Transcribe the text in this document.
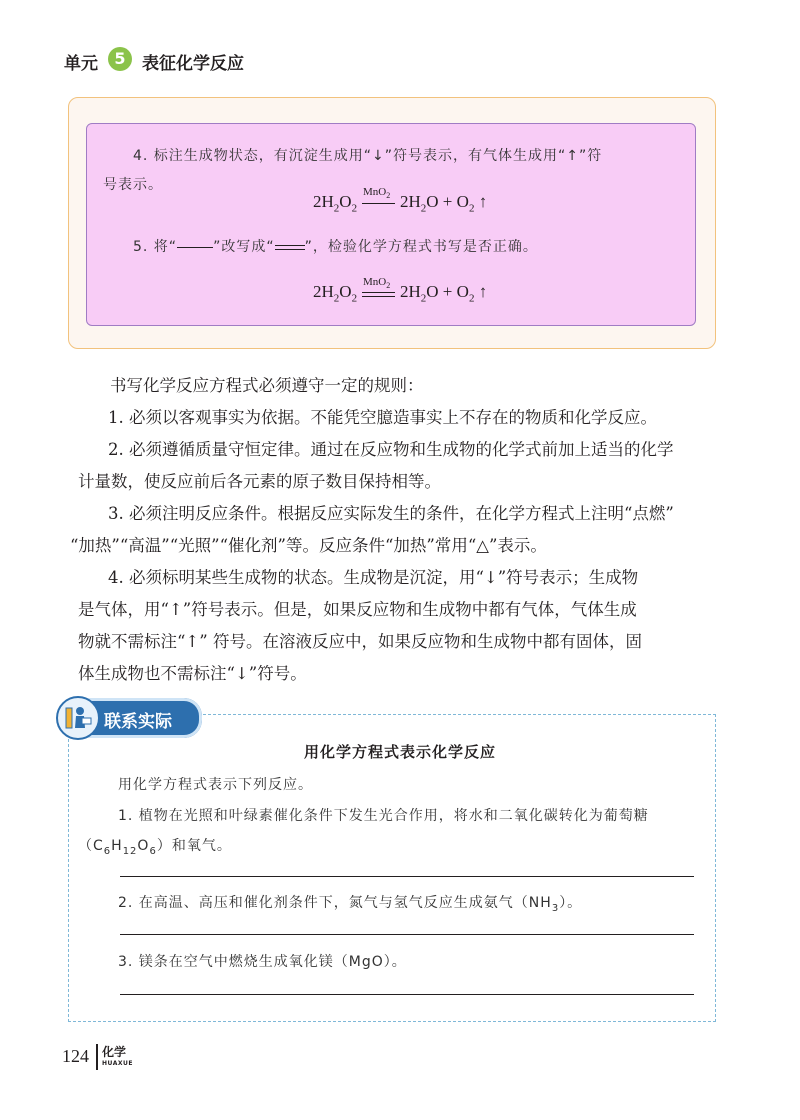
单元	5 表征化学反应
4. 标注生成物状态，有沉淀生成用“↓”符号表示，有气体生成用“↑”符
号表示。
$2H_2O_2$
MnO$_2$ $2H_2O + O_2$ ↑
5. 将“	”改写成“ ”，检验化学方程式书写是否正确。
$2H_2O_2$
MnO$_2$ $2H_2O + O_2$ ↑
书写化学反应方程式必须遵守一定的规则：
1. 必须以客观事实为依据。不能凭空臆造事实上不存在的物质和化学反应。
2. 必须遵循质量守恒定律。通过在反应物和生成物的化学式前加上适当的化学
计量数，使反应前后各元素的原子数目保持相等。
3. 必须注明反应条件。根据反应实际发生的条件，在化学方程式上注明“点燃”
“加热”“高温”“光照”“催化剂”等。反应条件“加热”常用“△”表示。
4. 必须标明某些生成物的状态。生成物是沉淀，用“↓”符号表示；生成物
是气体，用“↑”符号表示。但是，如果反应物和生成物中都有气体，气体生成
物就不需标注“↑” 符号。在溶液反应中，如果反应物和生成物中都有固体，固
体生成物也不需标注“↓”符号。
联系实际
用化学方程式表示化学反应
用化学方程式表示下列反应。
1. 植物在光照和叶绿素催化条件下发生光合作用，将水和二氧化碳转化为葡萄糖
$(C_6H_{12}O_6)$和氧气。
2. 在高温、高压和催化剂条件下，氮气与氢气反应生成氨气$(NH_3)$。
3. 镁条在空气中燃烧生成氧化镁（MgO）。
124 化学
HUAXUE
